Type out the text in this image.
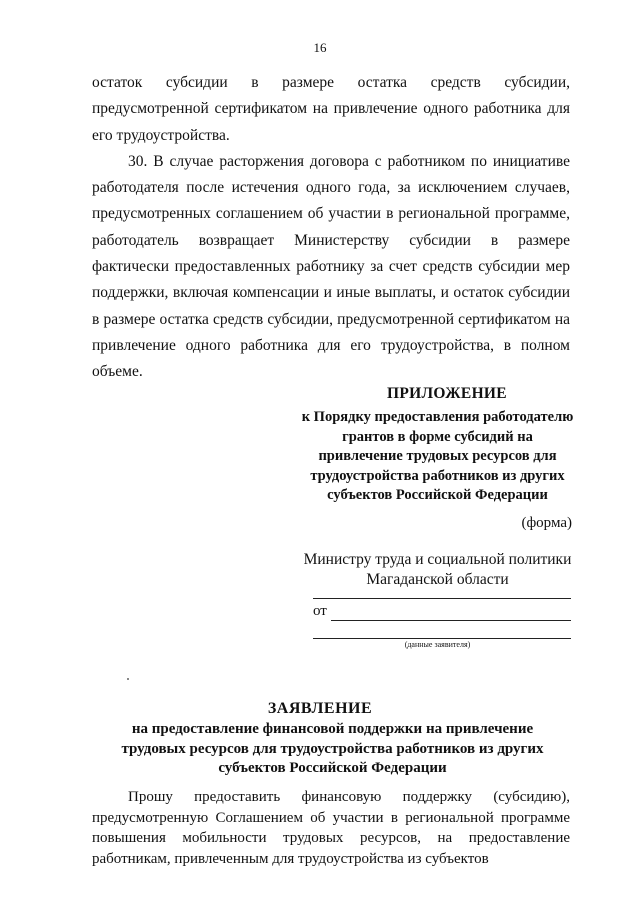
16

остаток субсидии в размере остатка средств субсидии, предусмотренной сертификатом на привлечение одного работника для его трудоустройства.

30. В случае расторжения договора с работником по инициативе работодателя после истечения одного года, за исключением случаев, предусмотренных соглашением об участии в региональной программе, работодатель возвращает Министерству субсидии в размере фактически предоставленных работнику за счет средств субсидии мер поддержки, включая компенсации и иные выплаты, и остаток субсидии в размере остатка средств субсидии, предусмотренной сертификатом на привлечение одного работника для его трудоустройства, в полном объеме.

ПРИЛОЖЕНИЕ
к Порядку предоставления работодателю грантов в форме субсидий на привлечение трудовых ресурсов для трудоустройства работников из других субъектов Российской Федерации
(форма)
Министру труда и социальной политики Магаданской области
от
(данные заявителя)
ЗАЯВЛЕНИЕ
на предоставление финансовой поддержки на привлечение трудовых ресурсов для трудоустройства работников из других субъектов Российской Федерации

Прошу предоставить финансовую поддержку (субсидию), предусмотренную Соглашением об участии в региональной программе повышения мобильности трудовых ресурсов, на предоставление работникам, привлеченным для трудоустройства из субъектов
